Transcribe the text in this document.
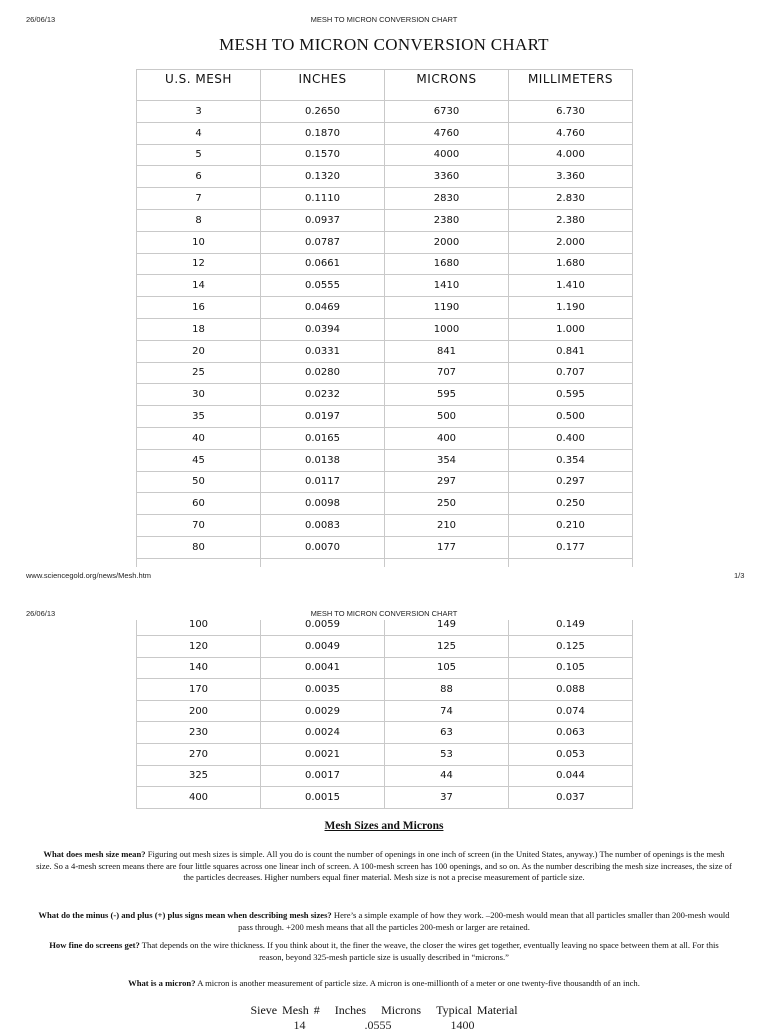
26/06/13	MESH TO MICRON CONVERSION CHART
MESH TO MICRON CONVERSION CHART
U.S. MESH	INCHES	MICRONS	MILLIMETERS
3	0.2650	6730	6.730
4	0.1870	4760	4.760
5	0.1570	4000	4.000
6	0.1320	3360	3.360
7	0.1110	2830	2.830
8	0.0937	2380	2.380
10	0.0787	2000	2.000
12	0.0661	1680	1.680
14	0.0555	1410	1.410
16	0.0469	1190	1.190
18	0.0394	1000	1.000
20	0.0331	841	0.841
25	0.0280	707	0.707
30	0.0232	595	0.595
35	0.0197	500	0.500
40	0.0165	400	0.400
45	0.0138	354	0.354
50	0.0117	297	0.297
60	0.0098	250	0.250
70	0.0083	210	0.210
80	0.0070	177	0.177

www.sciencegold.org/news/Mesh.htm	1/3
26/06/13	MESH TO MICRON CONVERSION CHART
100	0.0059	149	0.149
120	0.0049	125	0.125
140	0.0041	105	0.105
170	0.0035	88	0.088
200	0.0029	74	0.074
230	0.0024	63	0.063
270	0.0021	53	0.053
325	0.0017	44	0.044
400	0.0015	37	0.037
Mesh Sizes and Microns
What does mesh size mean? Figuring out mesh sizes is simple. All you do is count the number of openings in one inch of screen (in the United States, anyway.) The number of openings is the mesh size. So a 4-mesh screen means there are four little squares across one linear inch of screen. A 100-mesh screen has 100 openings, and so on. As the number describing the mesh size increases, the size of the particles decreases. Higher numbers equal finer material. Mesh size is not a precise measurement of particle size.
What do the minus (-) and plus (+) plus signs mean when describing mesh sizes? Here’s a simple example of how they work. –200-mesh would mean that all particles smaller than 200-mesh would pass through. +200 mesh means that all the particles 200-mesh or larger are retained.
How fine do screens get? That depends on the wire thickness. If you think about it, the finer the weave, the closer the wires get together, eventually leaving no space between them at all. For this reason, beyond 325-mesh particle size is usually described in “microns.”
What is a micron? A micron is another measurement of particle size. A micron is one-millionth of a meter or one twenty-five thousandth of an inch.
Sieve Mesh # Inches Microns Typical Material
14	.0555	1400
